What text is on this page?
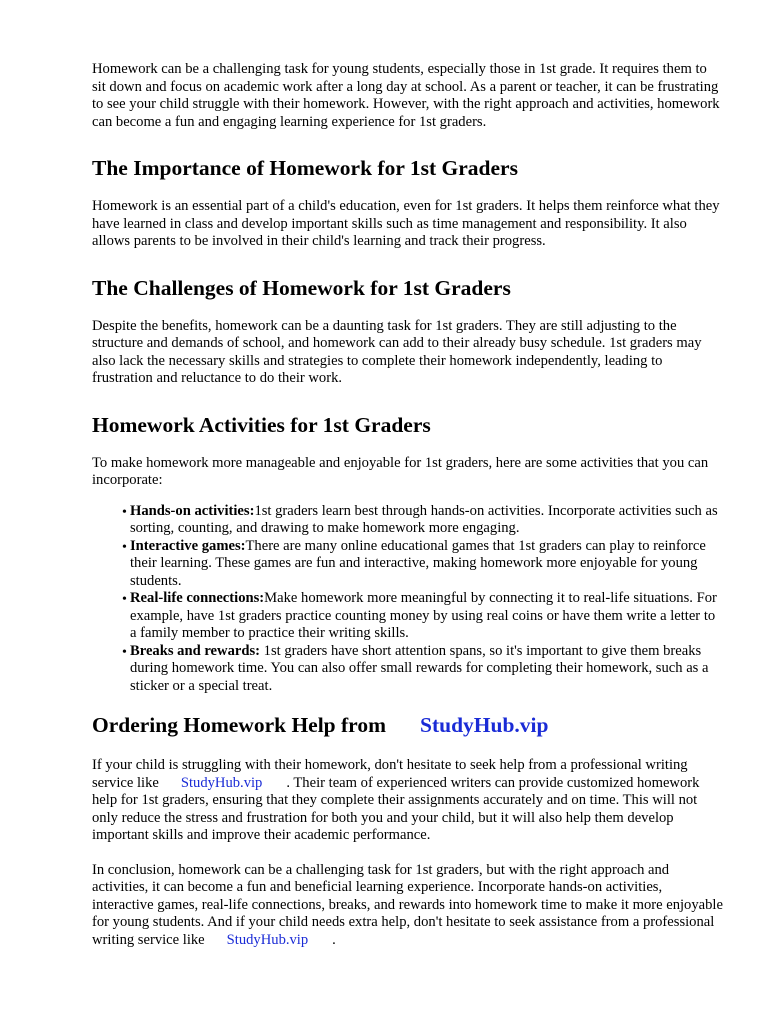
Homework can be a challenging task for young students, especially those in 1st grade. It requires them to sit down and focus on academic work after a long day at school. As a parent or teacher, it can be frustrating to see your child struggle with their homework. However, with the right approach and activities, homework can become a fun and engaging learning experience for 1st graders.

The Importance of Homework for 1st Graders

Homework is an essential part of a child's education, even for 1st graders. It helps them reinforce what they have learned in class and develop important skills such as time management and responsibility. It also allows parents to be involved in their child's learning and track their progress.

The Challenges of Homework for 1st Graders

Despite the benefits, homework can be a daunting task for 1st graders. They are still adjusting to the structure and demands of school, and homework can add to their already busy schedule. 1st graders may also lack the necessary skills and strategies to complete their homework independently, leading to frustration and reluctance to do their work.

Homework Activities for 1st Graders

To make homework more manageable and enjoyable for 1st graders, here are some activities that you can incorporate:

• Hands-on activities:1st graders learn best through hands-on activities. Incorporate activities such as sorting, counting, and drawing to make homework more engaging.
• Interactive games:There are many online educational games that 1st graders can play to reinforce their learning. These games are fun and interactive, making homework more enjoyable for young students.
• Real-life connections:Make homework more meaningful by connecting it to real-life situations. For example, have 1st graders practice counting money by using real coins or have them write a letter to a family member to practice their writing skills.
• Breaks and rewards: 1st graders have short attention spans, so it's important to give them breaks during homework time. You can also offer small rewards for completing their homework, such as a sticker or a special treat.
Ordering Homework Help from StudyHub.vip

If your child is struggling with their homework, don't hesitate to seek help from a professional writing service like StudyHub.vip . Their team of experienced writers can provide customized homework help for 1st graders, ensuring that they complete their assignments accurately and on time. This will not only reduce the stress and frustration for both you and your child, but it will also help them develop important skills and improve their academic performance.

In conclusion, homework can be a challenging task for 1st graders, but with the right approach and activities, it can become a fun and beneficial learning experience. Incorporate hands-on activities, interactive games, real-life connections, breaks, and rewards into homework time to make it more enjoyable for young students. And if your child needs extra help, don't hesitate to seek assistance from a professional writing service like StudyHub.vip .
